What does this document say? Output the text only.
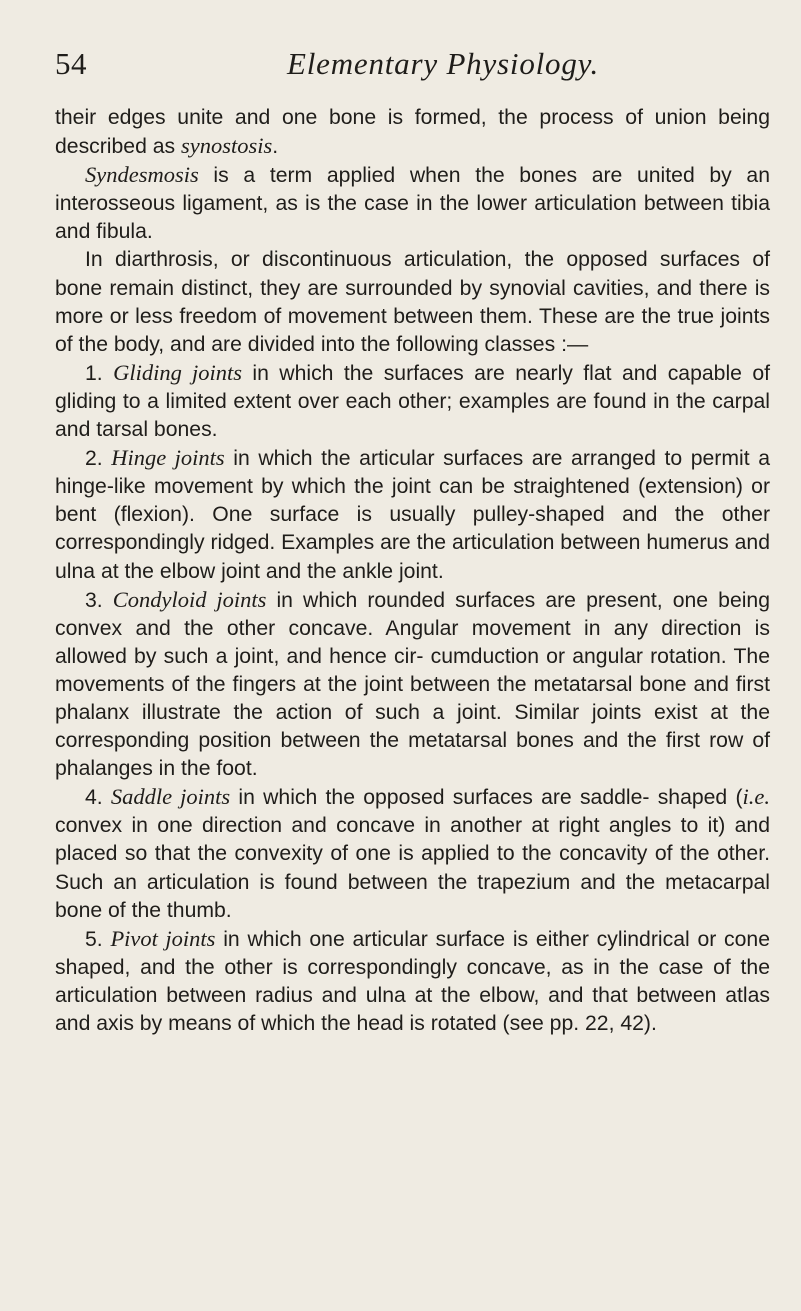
54	Elementary Physiology.

their edges unite and one bone is formed, the process of union being described as synostosis.

Syndesmosis is a term applied when the bones are united by an interosseous ligament, as is the case in the lower articulation between tibia and fibula.

In diarthrosis, or discontinuous articulation, the opposed surfaces of bone remain distinct, they are surrounded by synovial cavities, and there is more or less freedom of movement between them. These are the true joints of the body, and are divided into the following classes :—

1. Gliding joints in which the surfaces are nearly flat and capable of gliding to a limited extent over each other; examples are found in the carpal and tarsal bones.

2. Hinge joints in which the articular surfaces are arranged to permit a hinge-like movement by which the joint can be straightened (extension) or bent (flexion). One surface is usually pulley-shaped and the other correspondingly ridged. Examples are the articulation between humerus and ulna at the elbow joint and the ankle joint.

3. Condyloid joints in which rounded surfaces are present, one being convex and the other concave. Angular movement in any direction is allowed by such a joint, and hence cir- cumduction or angular rotation. The movements of the fingers at the joint between the metatarsal bone and first phalanx illustrate the action of such a joint. Similar joints exist at the corresponding position between the metatarsal bones and the first row of phalanges in the foot.

4. Saddle joints in which the opposed surfaces are saddle- shaped (i.e. convex in one direction and concave in another at right angles to it) and placed so that the convexity of one is applied to the concavity of the other. Such an articulation is found between the trapezium and the metacarpal bone of the thumb.

5. Pivot joints in which one articular surface is either cylindrical or cone shaped, and the other is correspondingly concave, as in the case of the articulation between radius and ulna at the elbow, and that between atlas and axis by means of which the head is rotated (see pp. 22, 42).
